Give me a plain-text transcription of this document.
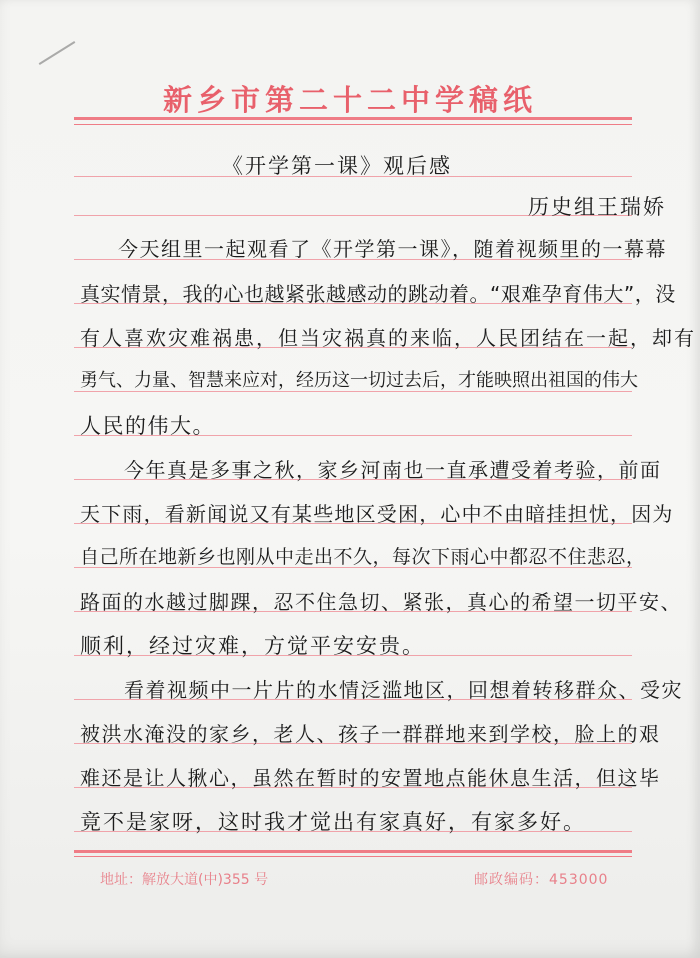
新乡市第二十二中学稿纸
《开学第一课》观后感
历史组王瑞娇
今天组里一起观看了《开学第一课》，随着视频里的一幕幕
真实情景，我的心也越紧张越感动的跳动着。“艰难孕育伟大”，没
有人喜欢灾难祸患，但当灾祸真的来临，人民团结在一起，却有
勇气、力量、智慧来应对，经历这一切过去后，才能映照出祖国的伟大
人民的伟大。
今年真是多事之秋，家乡河南也一直承遭受着考验，前面
天下雨，看新闻说又有某些地区受困，心中不由暗挂担忧，因为
自己所在地新乡也刚从中走出不久，每次下雨心中都忍不住悲忍，
路面的水越过脚踝，忍不住急切、紧张，真心的希望一切平安、
顺利，经过灾难，方觉平安安贵。
看着视频中一片片的水情泛滥地区，回想着转移群众、受灾
被洪水淹没的家乡，老人、孩子一群群地来到学校，脸上的艰
难还是让人揪心，虽然在暂时的安置地点能休息生活，但这毕
竟不是家呀，这时我才觉出有家真好，有家多好。
地址：解放大道(中)355 号	邮政编码：453000
